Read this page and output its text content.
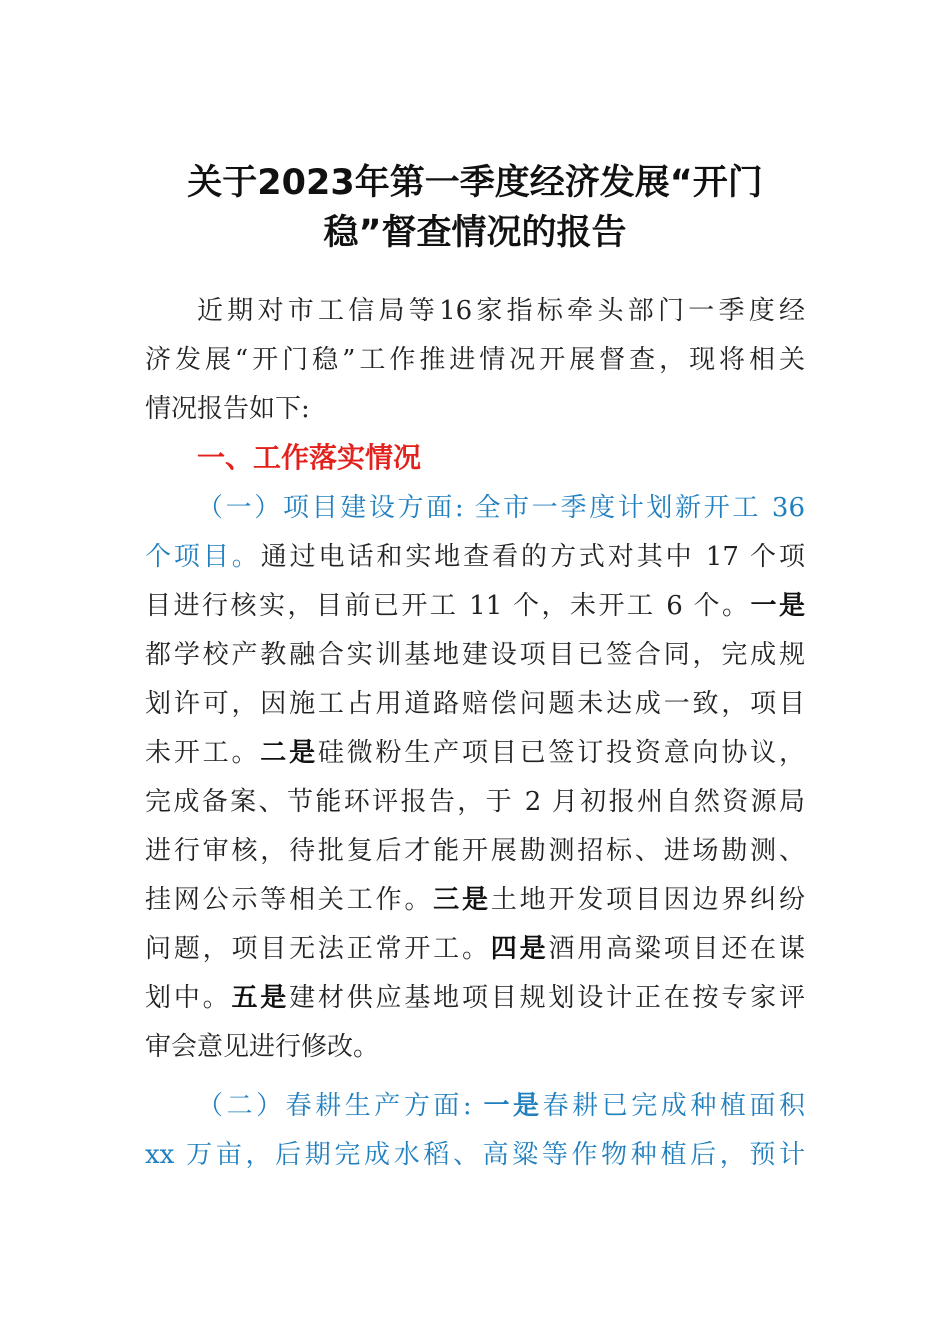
关于2023年第一季度经济发展“开门
稳”督查情况的报告
近期对市工信局等16家指标牵头部门一季度经
济发展“开门稳”工作推进情况开展督查，现将相关
情况报告如下:
一、工作落实情况
（一）项目建设方面: 全市一季度计划新开工 36
个项目。通过电话和实地查看的方式对其中 17 个项
目进行核实，目前已开工 11 个，未开工 6 个。一是
都学校产教融合实训基地建设项目已签合同，完成规
划许可，因施工占用道路赔偿问题未达成一致，项目
未开工。二是硅微粉生产项目已签订投资意向协议，
完成备案、节能环评报告，于 2 月初报州自然资源局
进行审核，待批复后才能开展勘测招标、进场勘测、
挂网公示等相关工作。三是土地开发项目因边界纠纷
问题，项目无法正常开工。四是酒用高粱项目还在谋
划中。五是建材供应基地项目规划设计正在按专家评
审会意见进行修改。
（二）春耕生产方面: 一是春耕已完成种植面积
xx 万亩，后期完成水稻、高粱等作物种植后，预计
